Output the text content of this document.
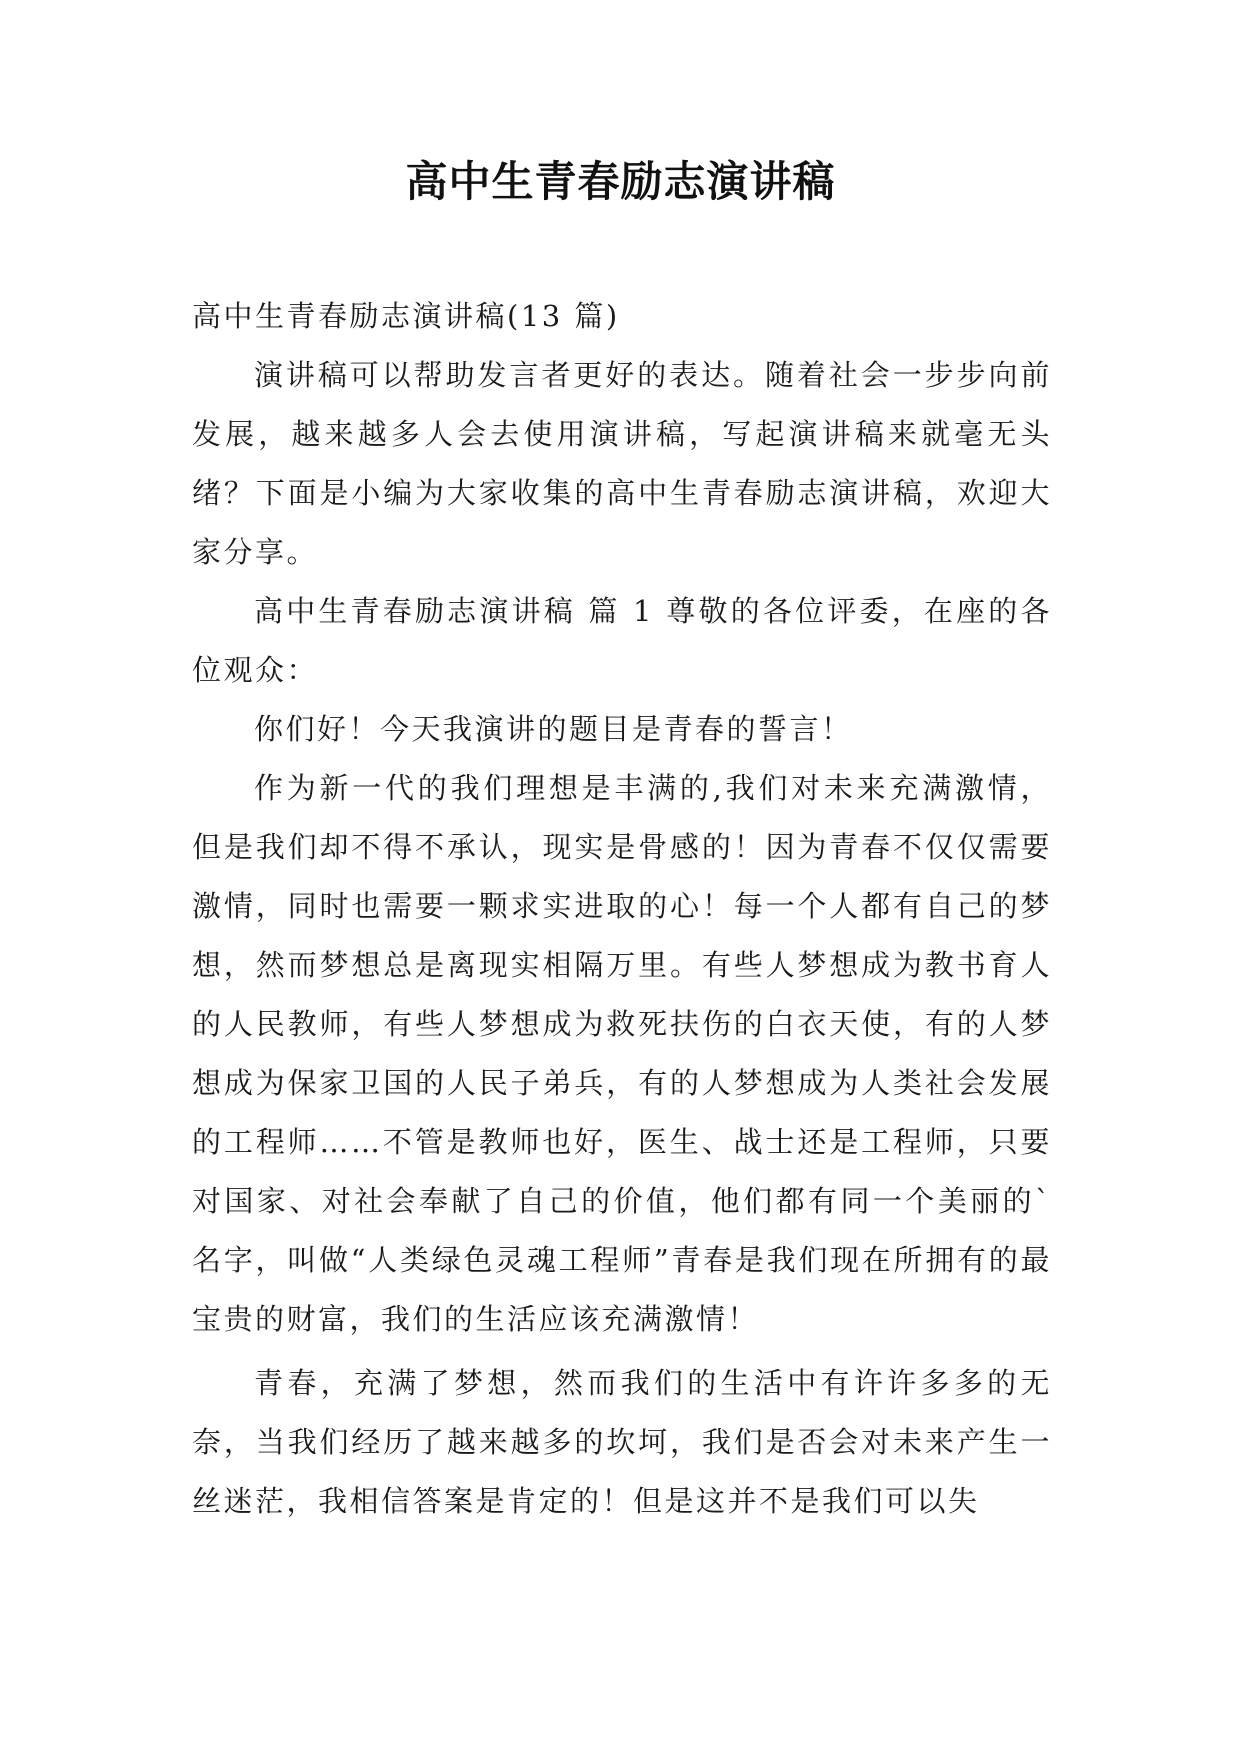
高中生青春励志演讲稿

高中生青春励志演讲稿(13 篇)

演讲稿可以帮助发言者更好的表达。随着社会一步步向前发展，越来越多人会去使用演讲稿，写起演讲稿来就毫无头绪？下面是小编为大家收集的高中生青春励志演讲稿，欢迎大家分享。

高中生青春励志演讲稿 篇 1 尊敬的各位评委，在座的各位观众：

你们好！今天我演讲的题目是青春的誓言！

作为新一代的我们理想是丰满的,我们对未来充满激情，但是我们却不得不承认，现实是骨感的！因为青春不仅仅需要激情，同时也需要一颗求实进取的心！每一个人都有自己的梦想，然而梦想总是离现实相隔万里。有些人梦想成为教书育人的人民教师，有些人梦想成为救死扶伤的白衣天使，有的人梦想成为保家卫国的人民子弟兵，有的人梦想成为人类社会发展的工程师……不管是教师也好，医生、战士还是工程师，只要对国家、对社会奉献了自己的价值，他们都有同一个美丽的`名字，叫做“人类绿色灵魂工程师”青春是我们现在所拥有的最宝贵的财富，我们的生活应该充满激情！

青春，充满了梦想，然而我们的生活中有许许多多的无奈，当我们经历了越来越多的坎坷，我们是否会对未来产生一丝迷茫，我相信答案是肯定的！但是这并不是我们可以失
